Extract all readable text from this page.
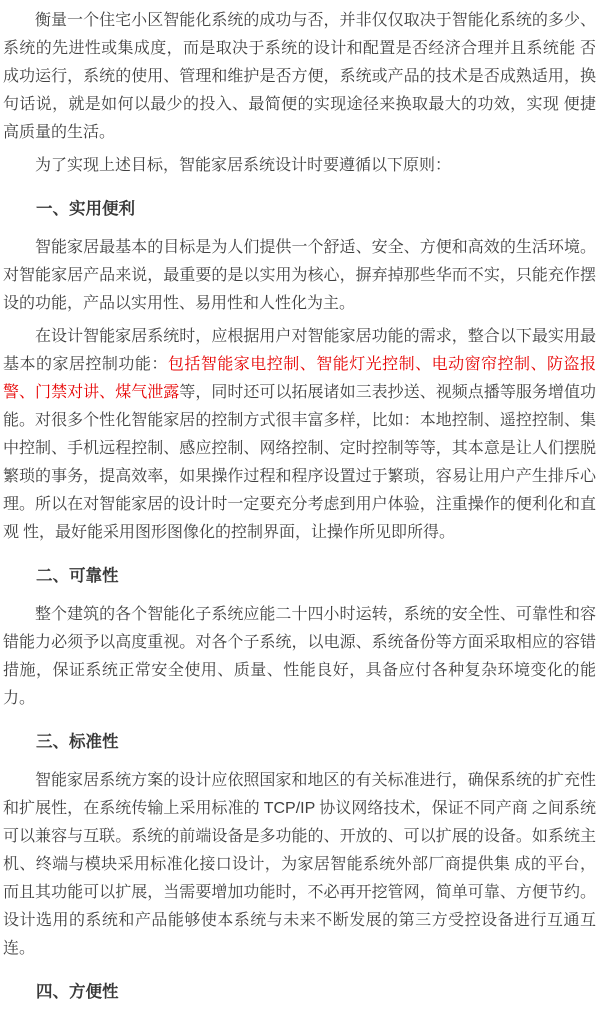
衡量一个住宅小区智能化系统的成功与否，并非仅仅取决于智能化系统的多少、系统的先进性或集成度，而是取决于系统的设计和配置是否经济合理并且系统能 否成功运行，系统的使用、管理和维护是否方便，系统或产品的技术是否成熟适用，换句话说，就是如何以最少的投入、最简便的实现途径来换取最大的功效，实现 便捷高质量的生活。

为了实现上述目标，智能家居系统设计时要遵循以下原则：

一、实用便利

智能家居最基本的目标是为人们提供一个舒适、安全、方便和高效的生活环境。对智能家居产品来说，最重要的是以实用为核心，摒弃掉那些华而不实，只能充作摆设的功能，产品以实用性、易用性和人性化为主。

在设计智能家居系统时，应根据用户对智能家居功能的需求，整合以下最实用最基本的家居控制功能：包括智能家电控制、智能灯光控制、电动窗帘控制、防盗报警、门禁对讲、煤气泄露等，同时还可以拓展诸如三表抄送、视频点播等服务增值功能。对很多个性化智能家居的控制方式很丰富多样，比如：本地控制、遥控控制、集中控制、手机远程控制、感应控制、网络控制、定时控制等等，其本意是让人们摆脱繁琐的事务，提高效率，如果操作过程和程序设置过于繁琐，容易让用户产生排斥心理。所以在对智能家居的设计时一定要充分考虑到用户体验，注重操作的便利化和直观 性，最好能采用图形图像化的控制界面，让操作所见即所得。

二、可靠性

整个建筑的各个智能化子系统应能二十四小时运转，系统的安全性、可靠性和容错能力必须予以高度重视。对各个子系统，以电源、系统备份等方面采取相应的容错措施，保证系统正常安全使用、质量、性能良好，具备应付各种复杂环境变化的能力。

三、标准性

智能家居系统方案的设计应依照国家和地区的有关标准进行，确保系统的扩充性和扩展性，在系统传输上采用标准的 TCP/IP 协议网络技术，保证不同产商 之间系统可以兼容与互联。系统的前端设备是多功能的、开放的、可以扩展的设备。如系统主机、终端与模块采用标准化接口设计，为家居智能系统外部厂商提供集 成的平台，而且其功能可以扩展，当需要增加功能时，不必再开挖管网，简单可靠、方便节约。设计选用的系统和产品能够使本系统与未来不断发展的第三方受控设备进行互通互连。

四、方便性
